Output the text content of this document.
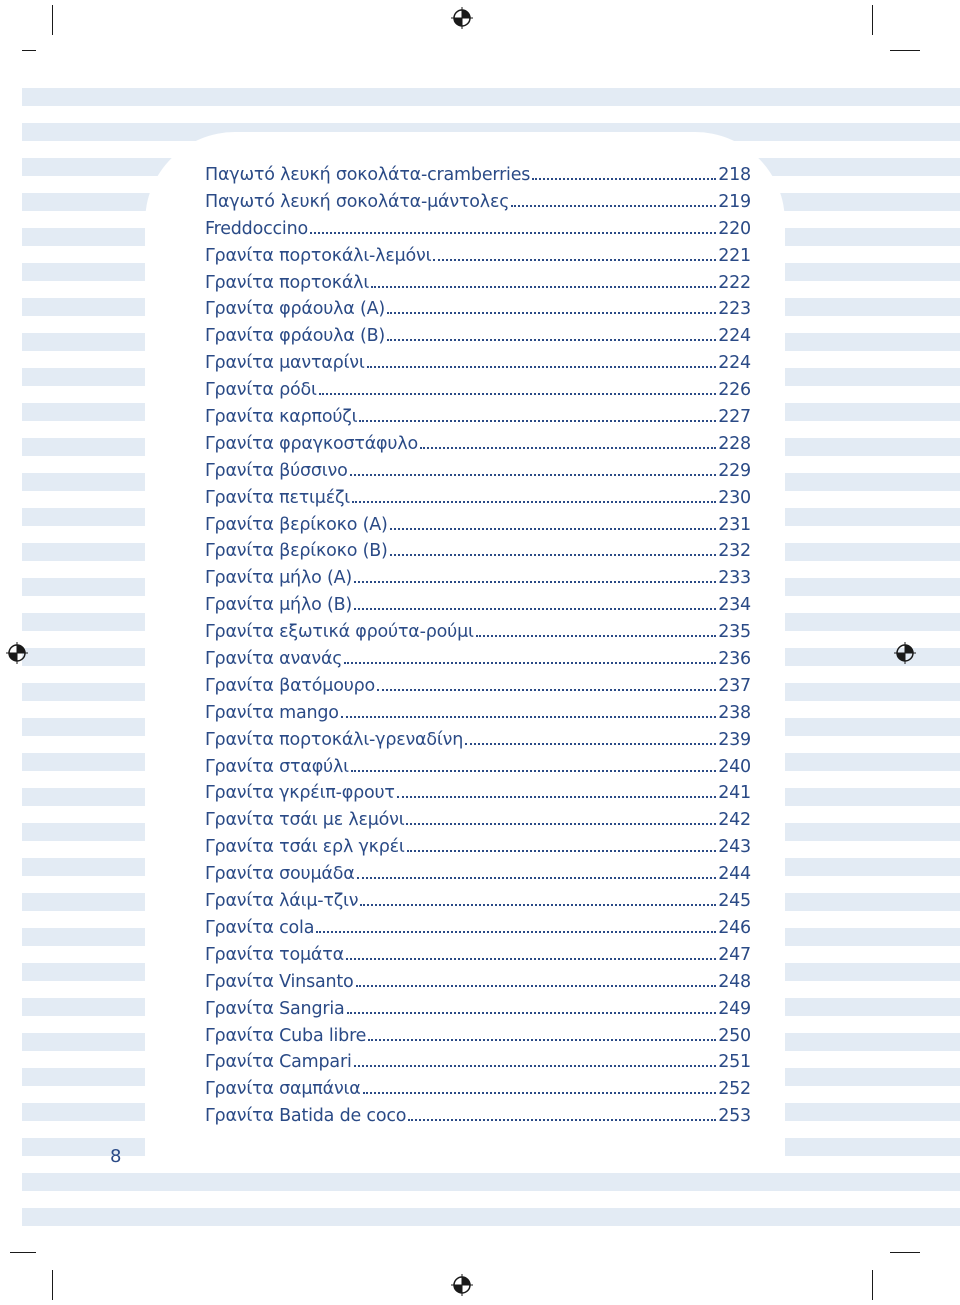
Παγωτό λευκή σοκολάτα-cramberries	218
Παγωτό λευκή σοκολάτα-μάντολες	219
Freddoccino	220
Γρανίτα πορτοκάλι-λεμόνι	221
Γρανίτα πορτοκάλι	222
Γρανίτα φράουλα (Α)	223
Γρανίτα φράουλα (Β)	224
Γρανίτα μανταρίνι	224
Γρανίτα ρόδι	226
Γρανίτα καρπούζι	227
Γρανίτα φραγκοστάφυλο	228
Γρανίτα βύσσινο	229
Γρανίτα πετιμέζι	230
Γρανίτα βερίκοκο (Α)	231
Γρανίτα βερίκοκο (Β)	232
Γρανίτα μήλο (Α)	233
Γρανίτα μήλο (Β)	234
Γρανίτα εξωτικά φρούτα-ρούμι	235
Γρανίτα ανανάς	236
Γρανίτα βατόμουρο	237
Γρανίτα mango	238
Γρανίτα πορτοκάλι-γρεναδίνη	239
Γρανίτα σταφύλι	240
Γρανίτα γκρέιπ-φρουτ	241
Γρανίτα τσάι με λεμόνι	242
Γρανίτα τσάι ερλ γκρέι	243
Γρανίτα σουμάδα	244
Γρανίτα λάιμ-τζιν	245
Γρανίτα cola	246
Γρανίτα τομάτα	247
Γρανίτα Vinsanto	248
Γρανίτα Sangria	249
Γρανίτα Cuba libre	250
Γρανίτα Campari	251
Γρανίτα σαμπάνια	252
Γρανίτα Batida de coco	253
8
